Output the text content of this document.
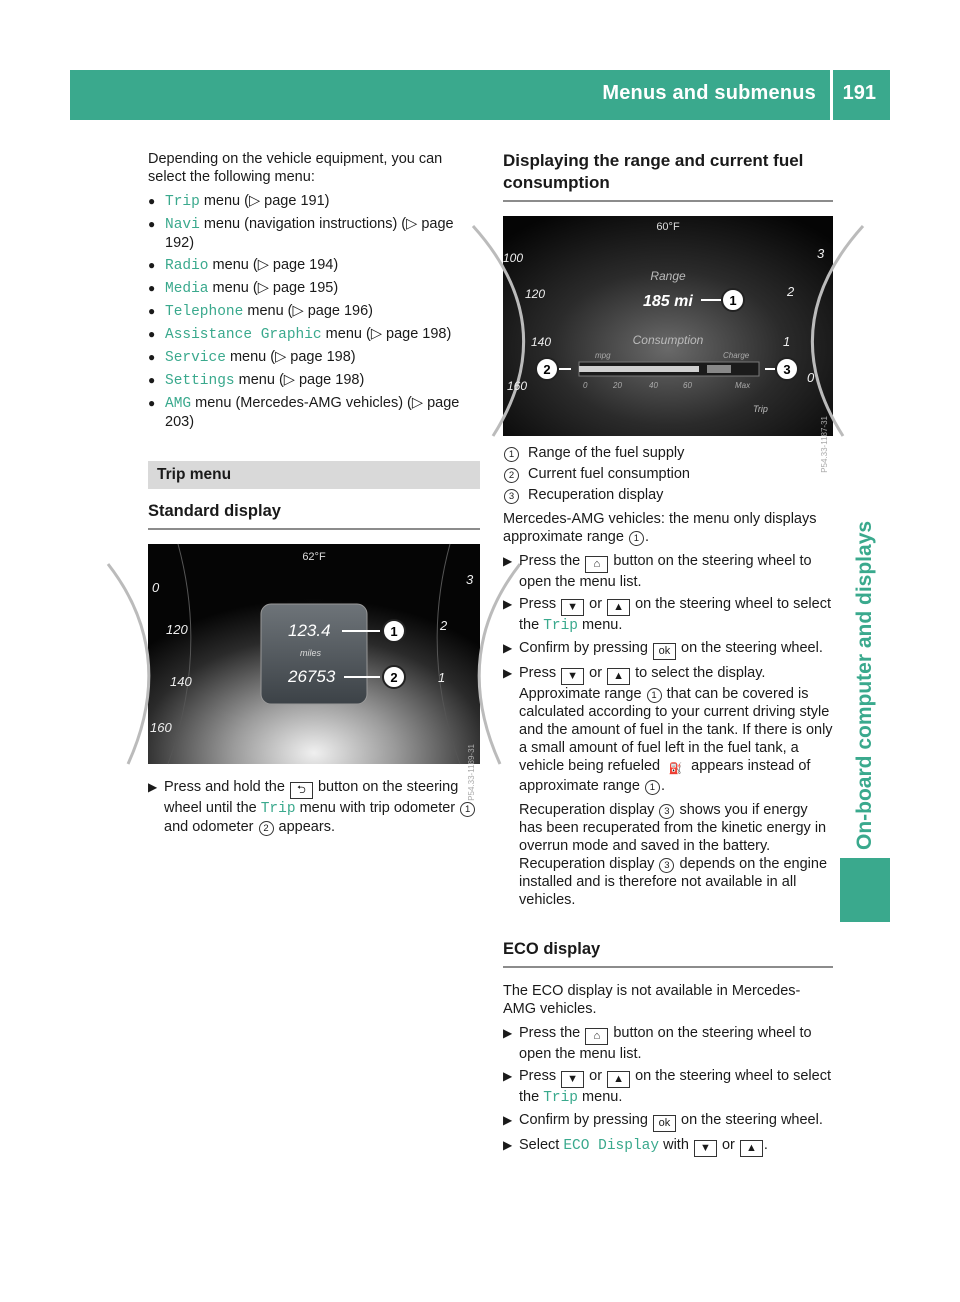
Menus and submenus 191
On-board computer and displays

Depending on the vehicle equipment, you can select the following menu:

● Trip menu (▷ page 191)
● Navi menu (navigation instructions) (▷ page 192)
● Radio menu (▷ page 194)
● Media menu (▷ page 195)
● Telephone menu (▷ page 196)
● Assistance Graphic menu (▷ page 198)
● Service menu (▷ page 198)
● Settings menu (▷ page 198)
● AMG menu (Mercedes-AMG vehicles) (▷ page 203)
Trip menu
Standard display
62°F
0
120
140
160
3
2
1
123.4
miles
26753
1
2
P54.33-1189-31
▶ Press and hold the ⮌ button on the steering wheel until the Trip menu with trip odometer 1 and odometer 2 appears.
Displaying the range and current fuel consumption
60°F
100
120
140
160
3
2
1
0
Range
185 mi	1
Consumption
mpg	Charge
2	3
0	20	40	60	Max
Trip
P54.33-1187-31
1 Range of the fuel supply
2 Current fuel consumption
3 Recuperation display

Mercedes-AMG vehicles: the menu only displays approximate range 1 .

▶ Press the ⌂ button on the steering wheel to open the menu list.
▶ Press ▼ or ▲ on the steering wheel to select the Trip menu.
▶ Confirm by pressing ok on the steering wheel.
▶ Press ▼ or ▲ to select the display.
Approximate range 1 that can be covered is calculated according to your current driving style and the amount of fuel in the tank. If there is only a small amount of fuel left in the fuel tank, a vehicle being refueled ⛽ appears instead of approximate range 1 .
Recuperation display 3 shows you if energy has been recuperated from the kinetic energy in overrun mode and saved in the battery. Recuperation display 3 depends on the engine installed and is therefore not available in all vehicles.
ECO display

The ECO display is not available in Mercedes-AMG vehicles.

▶ Press the ⌂ button on the steering wheel to open the menu list.
▶ Press ▼ or ▲ on the steering wheel to select the Trip menu.
▶ Confirm by pressing ok on the steering wheel.
▶ Select ECO Display with ▼ or ▲ .
